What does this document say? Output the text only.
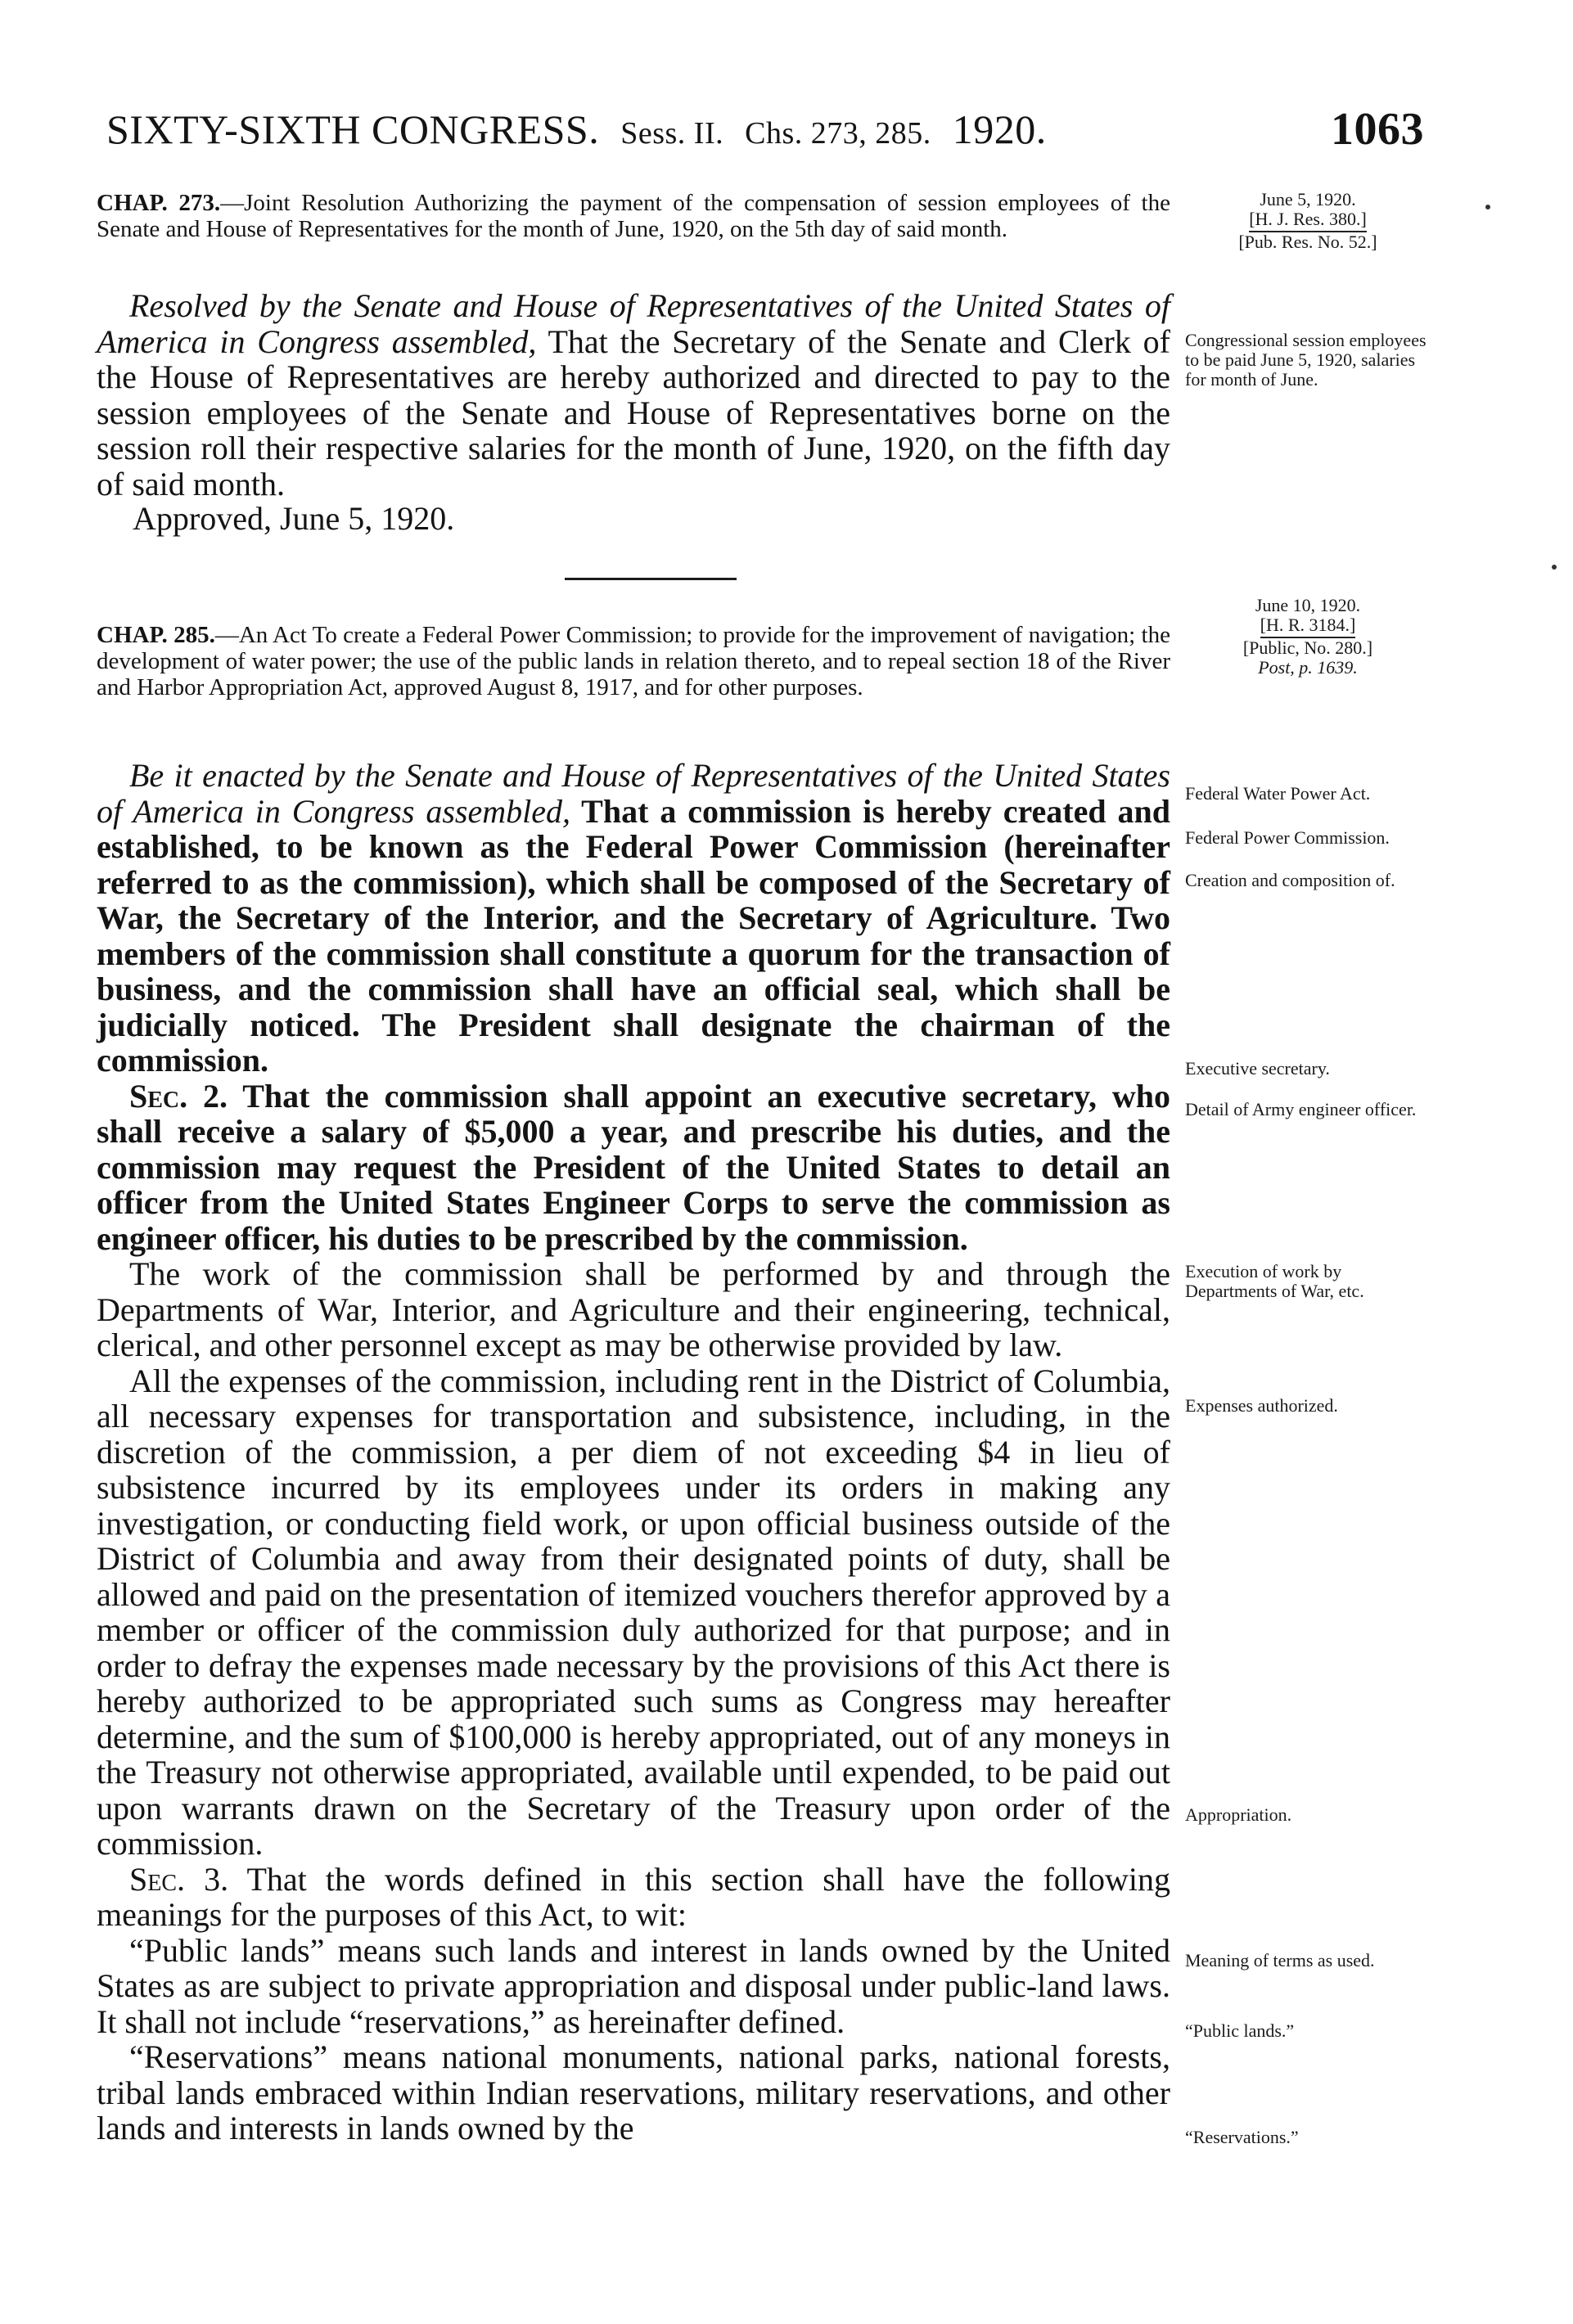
SIXTY-SIXTH CONGRESS. Sess. II. Chs. 273, 285. 1920.	1063

CHAP. 273.—Joint Resolution Authorizing the payment of the compensation of session employees of the Senate and House of Representatives for the month of June, 1920, on the 5th day of said month.

June 5, 1920.

[H. J. Res. 380.]

[Pub. Res. No. 52.]

Resolved by the Senate and House of Representatives of the United States of America in Congress assembled, That the Secretary of the Senate and Clerk of the House of Representatives are hereby authorized and directed to pay to the session employees of the Senate and House of Representatives borne on the session roll their respective salaries for the month of June, 1920, on the fifth day of said month.

Approved, June 5, 1920.
Congressional session employees to be paid June 5, 1920, salaries for month of June.

June 10, 1920.

[H. R. 3184.]

[Public, No. 280.]

Post, p. 1639.

CHAP. 285.—An Act To create a Federal Power Commission; to provide for the improvement of navigation; the development of water power; the use of the public lands in relation thereto, and to repeal section 18 of the River and Harbor Appropriation Act, approved August 8, 1917, and for other purposes.

Be it enacted by the Senate and House of Representatives of the United States of America in Congress assembled, That a commission is hereby created and established, to be known as the Federal Power Commission (hereinafter referred to as the commission), which shall be composed of the Secretary of War, the Secretary of the Interior, and the Secretary of Agriculture. Two members of the commission shall constitute a quorum for the transaction of business, and the commission shall have an official seal, which shall be judicially noticed. The President shall designate the chairman of the commission.

Sec. 2. That the commission shall appoint an executive secretary, who shall receive a salary of $5,000 a year, and prescribe his duties, and the commission may request the President of the United States to detail an officer from the United States Engineer Corps to serve the commission as engineer officer, his duties to be prescribed by the commission.

The work of the commission shall be performed by and through the Departments of War, Interior, and Agriculture and their engineering, technical, clerical, and other personnel except as may be otherwise provided by law.

All the expenses of the commission, including rent in the District of Columbia, all necessary expenses for transportation and subsistence, including, in the discretion of the commission, a per diem of not exceeding $4 in lieu of subsistence incurred by its employees under its orders in making any investigation, or conducting field work, or upon official business outside of the District of Columbia and away from their designated points of duty, shall be allowed and paid on the presentation of itemized vouchers therefor approved by a member or officer of the commission duly authorized for that purpose; and in order to defray the expenses made necessary by the provisions of this Act there is hereby authorized to be appropriated such sums as Congress may hereafter determine, and the sum of $100,000 is hereby appropriated, out of any moneys in the Treasury not otherwise appropriated, available until expended, to be paid out upon warrants drawn on the Secretary of the Treasury upon order of the commission.

Sec. 3. That the words defined in this section shall have the following meanings for the purposes of this Act, to wit:

“Public lands” means such lands and interest in lands owned by the United States as are subject to private appropriation and disposal under public-land laws. It shall not include “reservations,” as hereinafter defined.

“Reservations” means national monuments, national parks, national forests, tribal lands embraced within Indian reservations, military reservations, and other lands and interests in lands owned by the

Federal Water Power Act.
Federal Power Commission.
Creation and composition of.
Executive secretary.
Detail of Army engineer officer.
Execution of work by Departments of War, etc.
Expenses authorized.
Appropriation.
Meaning of terms as used.
“Public lands.”
“Reservations.”
